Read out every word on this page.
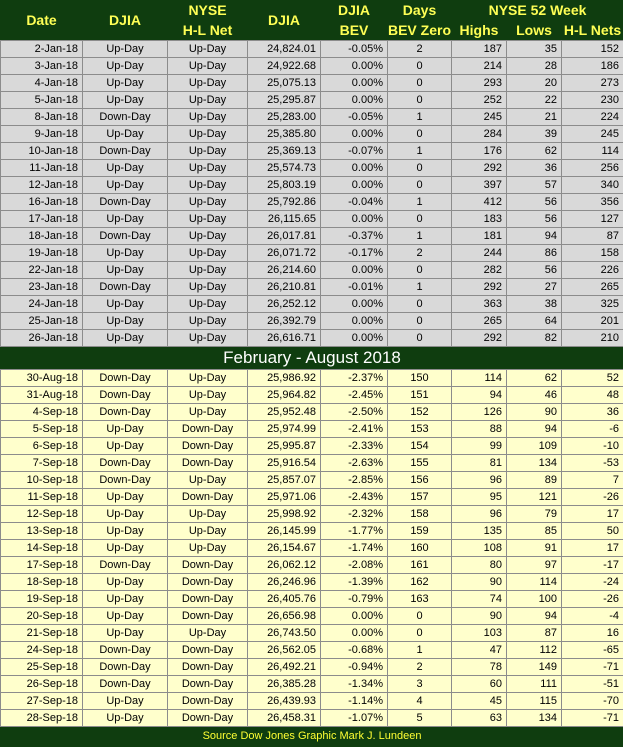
Date	DJIA	NYSE	DJIA	DJIA	Days	NYSE 52 Week		
		H-L Net		BEV	BEV Zero	Highs	Lows	H-L Nets
2-Jan-18	Up-Day	Up-Day	24,824.01	-0.05%	2	187	35	152
3-Jan-18	Up-Day	Up-Day	24,922.68	0.00%	0	214	28	186
4-Jan-18	Up-Day	Up-Day	25,075.13	0.00%	0	293	20	273
5-Jan-18	Up-Day	Up-Day	25,295.87	0.00%	0	252	22	230
8-Jan-18	Down-Day	Up-Day	25,283.00	-0.05%	1	245	21	224
9-Jan-18	Up-Day	Up-Day	25,385.80	0.00%	0	284	39	245
10-Jan-18	Down-Day	Up-Day	25,369.13	-0.07%	1	176	62	114
11-Jan-18	Up-Day	Up-Day	25,574.73	0.00%	0	292	36	256
12-Jan-18	Up-Day	Up-Day	25,803.19	0.00%	0	397	57	340
16-Jan-18	Down-Day	Up-Day	25,792.86	-0.04%	1	412	56	356
17-Jan-18	Up-Day	Up-Day	26,115.65	0.00%	0	183	56	127
18-Jan-18	Down-Day	Up-Day	26,017.81	-0.37%	1	181	94	87
19-Jan-18	Up-Day	Up-Day	26,071.72	-0.17%	2	244	86	158
22-Jan-18	Up-Day	Up-Day	26,214.60	0.00%	0	282	56	226
23-Jan-18	Down-Day	Up-Day	26,210.81	-0.01%	1	292	27	265
24-Jan-18	Up-Day	Up-Day	26,252.12	0.00%	0	363	38	325
25-Jan-18	Up-Day	Up-Day	26,392.79	0.00%	0	265	64	201
26-Jan-18	Up-Day	Up-Day	26,616.71	0.00%	0	292	82	210
February - August 2018								
30-Aug-18	Down-Day	Up-Day	25,986.92	-2.37%	150	114	62	52
31-Aug-18	Down-Day	Up-Day	25,964.82	-2.45%	151	94	46	48
4-Sep-18	Down-Day	Up-Day	25,952.48	-2.50%	152	126	90	36
5-Sep-18	Up-Day	Down-Day	25,974.99	-2.41%	153	88	94	-6
6-Sep-18	Up-Day	Down-Day	25,995.87	-2.33%	154	99	109	-10
7-Sep-18	Down-Day	Down-Day	25,916.54	-2.63%	155	81	134	-53
10-Sep-18	Down-Day	Up-Day	25,857.07	-2.85%	156	96	89	7
11-Sep-18	Up-Day	Down-Day	25,971.06	-2.43%	157	95	121	-26
12-Sep-18	Up-Day	Up-Day	25,998.92	-2.32%	158	96	79	17
13-Sep-18	Up-Day	Up-Day	26,145.99	-1.77%	159	135	85	50
14-Sep-18	Up-Day	Up-Day	26,154.67	-1.74%	160	108	91	17
17-Sep-18	Down-Day	Down-Day	26,062.12	-2.08%	161	80	97	-17
18-Sep-18	Up-Day	Down-Day	26,246.96	-1.39%	162	90	114	-24
19-Sep-18	Up-Day	Down-Day	26,405.76	-0.79%	163	74	100	-26
20-Sep-18	Up-Day	Down-Day	26,656.98	0.00%	0	90	94	-4
21-Sep-18	Up-Day	Up-Day	26,743.50	0.00%	0	103	87	16
24-Sep-18	Down-Day	Down-Day	26,562.05	-0.68%	1	47	112	-65
25-Sep-18	Down-Day	Down-Day	26,492.21	-0.94%	2	78	149	-71
26-Sep-18	Down-Day	Down-Day	26,385.28	-1.34%	3	60	111	-51
27-Sep-18	Up-Day	Down-Day	26,439.93	-1.14%	4	45	115	-70
28-Sep-18	Up-Day	Down-Day	26,458.31	-1.07%	5	63	134	-71
Source Dow Jones Graphic Mark J. Lundeen								
